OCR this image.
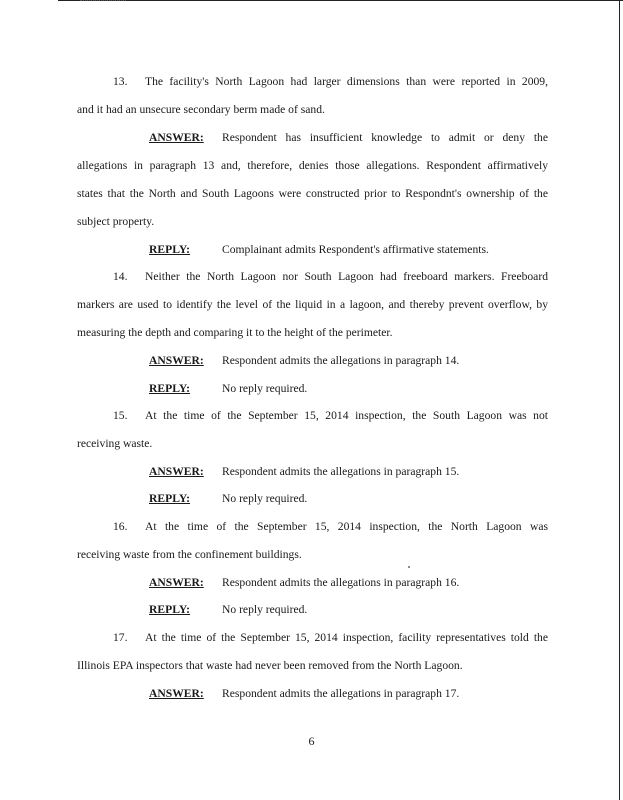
13. The facility's North Lagoon had larger dimensions than were reported in 2009,
and it had an unsecure secondary berm made of sand.
ANSWER: Respondent has insufficient knowledge to admit or deny the
allegations in paragraph 13 and, therefore, denies those allegations. Respondent affirmatively
states that the North and South Lagoons were constructed prior to Respondnt's ownership of the
subject property.
REPLY:	Complainant admits Respondent's affirmative statements.
14. Neither the North Lagoon nor South Lagoon had freeboard markers. Freeboard
markers are used to identify the level of the liquid in a lagoon, and thereby prevent overflow, by
measuring the depth and comparing it to the height of the perimeter.
ANSWER: Respondent admits the allegations in paragraph 14.
REPLY:	No reply required.
15. At the time of the September 15, 2014 inspection, the South Lagoon was not
receiving waste.
ANSWER: Respondent admits the allegations in paragraph 15.
REPLY:	No reply required.
16. At the time of the September 15, 2014 inspection, the North Lagoon was
receiving waste from the confinement buildings.
ANSWER: Respondent admits the allegations in paragraph 16.
REPLY:	No reply required.
17. At the time of the September 15, 2014 inspection, facility representatives told the
Illinois EPA inspectors that waste had never been removed from the North Lagoon.
ANSWER: Respondent admits the allegations in paragraph 17.
6
